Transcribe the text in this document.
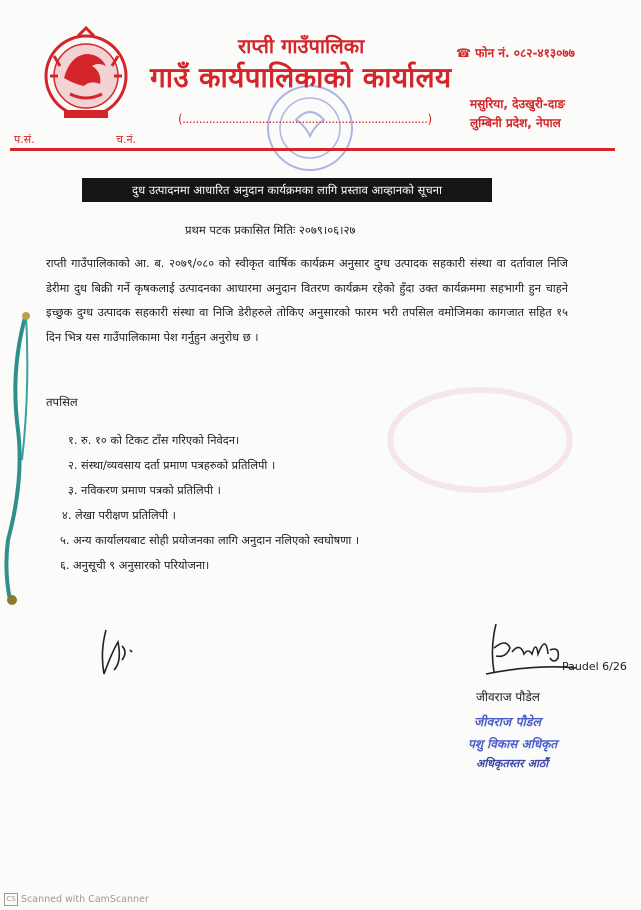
राप्ती गाउँपालिका
गाउँ कार्यपालिकाको कार्यालय
☎ फोन नं. ०८२-४१३०७७
मसुरिया, देउखुरी-दाङ
लुम्बिनी प्रदेश, नेपाल
(..........................................................................)
प.सं.	च.नं.
दुध उत्पादनमा आधारित अनुदान कार्यक्रमका लागि प्रस्ताव आव्हानको सूचना
प्रथम पटक प्रकासित मितिः २०७९।०६।२७
राप्ती गाउँपालिकाको आ. ब. २०७९/०८० को स्वीकृत वार्षिक कार्यक्रम अनुसार दुग्ध उत्पादक सहकारी संस्था वा दर्तावाल निजि डेरीमा दुध बिक्री गर्ने कृषकलाई उत्पादनका आधारमा अनुदान वितरण कार्यक्रम रहेको हुँदा उक्त कार्यक्रममा सहभागी हुन चाहने इच्छुक दुग्ध उत्पादक सहकारी संस्था वा निजि डेरीहरुले तोकिए अनुसारको फारम भरी तपसिल वमोजिमका कागजात सहित १५ दिन भित्र यस गाउँपालिकामा पेश गर्नुहुन अनुरोध छ ।
तपसिल
१. रु. १० को टिकट टाँस गरिएको निवेदन।
२. संस्था/व्यवसाय दर्ता प्रमाण पत्रहरुको प्रतिलिपी ।
३. नविकरण प्रमाण पत्रको प्रतिलिपी ।
४. लेखा परीक्षण प्रतिलिपी ।
५. अन्य कार्यालयबाट सोही प्रयोजनका लागि अनुदान नलिएको स्वघोषणा ।
६. अनुसूची ९ अनुसारको परियोजना।
Paudel 6/26
जीवराज पौडेल
जीवराज पौडेल
पशु विकास अधिकृत
अधिकृतस्तर आठौं
CS Scanned with CamScanner
